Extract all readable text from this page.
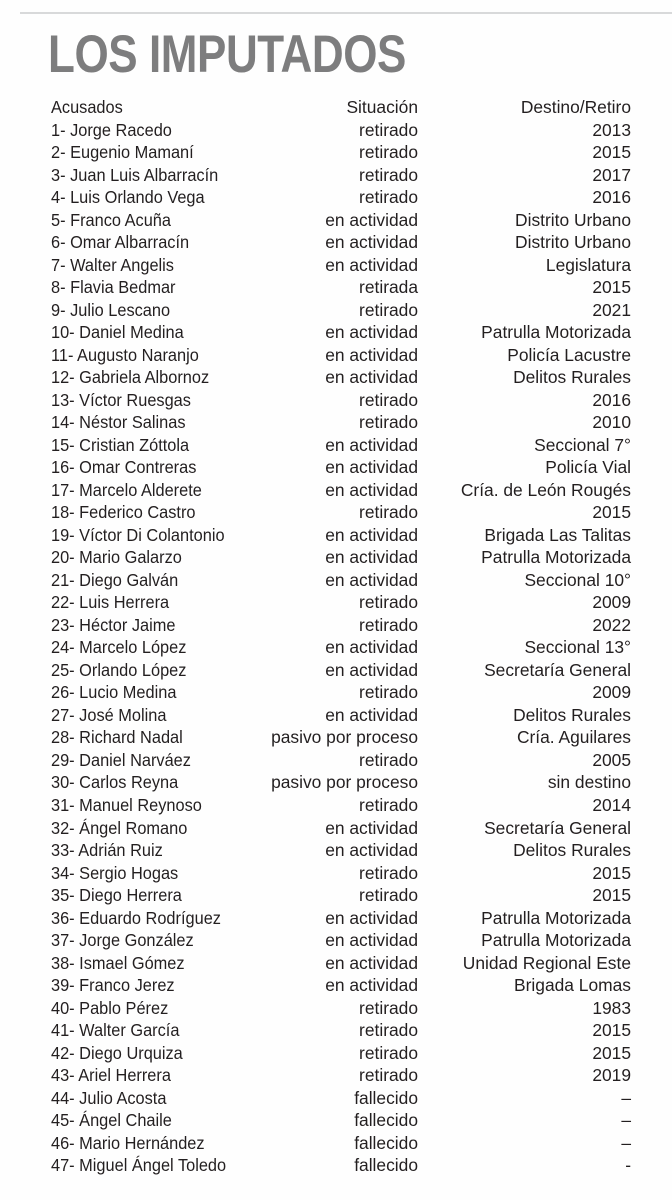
LOS IMPUTADOS
Acusados	Situación	Destino/Retiro
1- Jorge Racedo	retirado	2013
2- Eugenio Mamaní	retirado	2015
3- Juan Luis Albarracín	retirado	2017
4- Luis Orlando Vega	retirado	2016
5- Franco Acuña	en actividad	Distrito Urbano
6- Omar Albarracín	en actividad	Distrito Urbano
7- Walter Angelis	en actividad	Legislatura
8- Flavia Bedmar	retirada	2015
9- Julio Lescano	retirado	2021
10- Daniel Medina	en actividad	Patrulla Motorizada
11- Augusto Naranjo	en actividad	Policía Lacustre
12- Gabriela Albornoz	en actividad	Delitos Rurales
13- Víctor Ruesgas	retirado	2016
14- Néstor Salinas	retirado	2010
15- Cristian Zóttola	en actividad	Seccional 7°
16- Omar Contreras	en actividad	Policía Vial
17- Marcelo Alderete	en actividad	Cría. de León Rougés
18- Federico Castro	retirado	2015
19- Víctor Di Colantonio	en actividad	Brigada Las Talitas
20- Mario Galarzo	en actividad	Patrulla Motorizada
21- Diego Galván	en actividad	Seccional 10°
22- Luis Herrera	retirado	2009
23- Héctor Jaime	retirado	2022
24- Marcelo López	en actividad	Seccional 13°
25- Orlando López	en actividad	Secretaría General
26- Lucio Medina	retirado	2009
27- José Molina	en actividad	Delitos Rurales
28- Richard Nadal	pasivo por proceso	Cría. Aguilares
29- Daniel Narváez	retirado	2005
30- Carlos Reyna	pasivo por proceso	sin destino
31- Manuel Reynoso	retirado	2014
32- Ángel Romano	en actividad	Secretaría General
33- Adrián Ruiz	en actividad	Delitos Rurales
34- Sergio Hogas	retirado	2015
35- Diego Herrera	retirado	2015
36- Eduardo Rodríguez	en actividad	Patrulla Motorizada
37- Jorge González	en actividad	Patrulla Motorizada
38- Ismael Gómez	en actividad	Unidad Regional Este
39- Franco Jerez	en actividad	Brigada Lomas
40- Pablo Pérez	retirado	1983
41- Walter García	retirado	2015
42- Diego Urquiza	retirado	2015
43- Ariel Herrera	retirado	2019
44- Julio Acosta	fallecido	–
45- Ángel Chaile	fallecido	–
46- Mario Hernández	fallecido	–
47- Miguel Ángel Toledo	fallecido	-
